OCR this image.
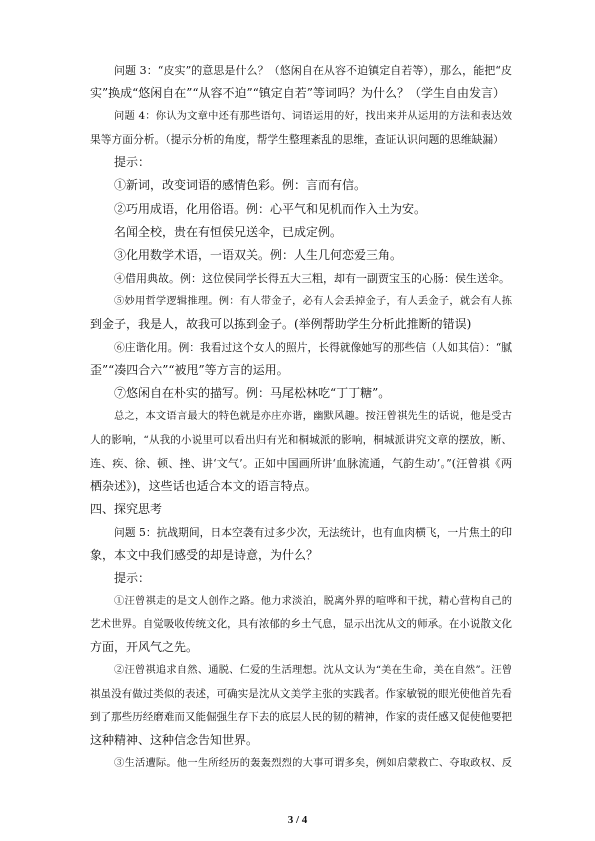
问题 3：“皮实”的意思是什么？（悠闲自在从容不迫镇定自若等），那么，能把“皮
实”换成“悠闲自在”“从容不迫”“镇定自若”等词吗？为什么？（学生自由发言）
问题 4：你认为文章中还有那些语句、词语运用的好，找出来并从运用的方法和表达效
果等方面分析。（提示分析的角度，帮学生整理紊乱的思维，查证认识问题的思维缺漏）
提示：
①新词，改变词语的感情色彩。例：言而有信。
②巧用成语，化用俗语。例：心平气和见机而作入土为安。
名闻全校，贵在有恒侯兄送伞，已成定例。
③化用数学术语，一语双关。例：人生几何恋爱三角。
④借用典故。例：这位侯同学长得五大三粗，却有一副贾宝玉的心肠：侯生送伞。
⑤妙用哲学逻辑推理。例：有人带金子，必有人会丢掉金子，有人丢金子，就会有人拣
到金子，我是人，故我可以拣到金子。(举例帮助学生分析此推断的错误)
⑥庄谐化用。例：我看过这个女人的照片，长得就像她写的那些信（人如其信）：“腻
歪”“凑四合六”“被甩”等方言的运用。
⑦悠闲自在朴实的描写。例：马尾松林吃“丁丁糖”。
总之，本文语言最大的特色就是亦庄亦谐，幽默风趣。按汪曾祺先生的话说，他是受古
人的影响，“从我的小说里可以看出归有光和桐城派的影响，桐城派讲究文章的摆放，断、
连、疾、徐、顿、挫、讲‘文气’。正如中国画所讲‘血脉流通，气韵生动’。”(汪曾祺《两
栖杂述》)，这些话也适合本文的语言特点。
四、探究思考
问题 5：抗战期间，日本空袭有过多少次，无法统计，也有血肉横飞，一片焦土的印
象，本文中我们感受的却是诗意，为什么？
提示：
①汪曾祺走的是文人创作之路。他力求淡泊，脱离外界的喧哗和干扰，精心营构自己的
艺术世界。自觉吸收传统文化，具有浓郁的乡土气息，显示出沈从文的师承。在小说散文化
方面，开风气之先。
②汪曾祺追求自然、通脱、仁爱的生活理想。沈从文认为“美在生命，美在自然”。汪曾
祺虽没有做过类似的表述，可确实是沈从文美学主张的实践者。作家敏锐的眼光使他首先看
到了那些历经磨难而又能倔强生存下去的底层人民的韧的精神，作家的责任感又促使他要把
这种精神、这种信念告知世界。
③生活遭际。他一生所经历的轰轰烈烈的大事可谓多矣，例如启蒙救亡、夺取政权、反
3 / 4
